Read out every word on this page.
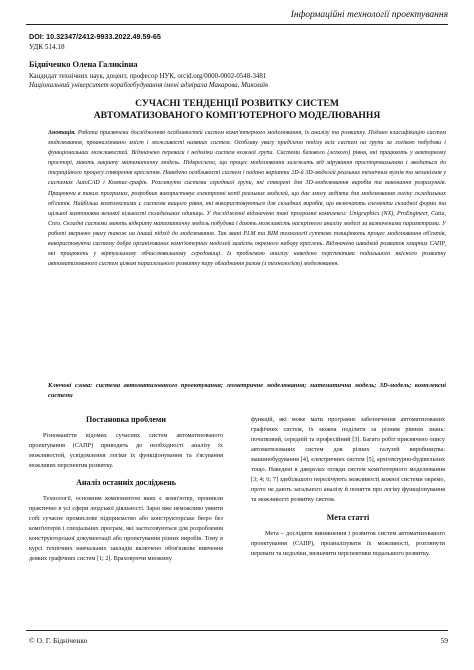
Інформаційні технології проектування
DOI: 10.32347/2412-9933.2022.49.59-65
УДК 514.18
Бідніченко Олена Галиківна
Кандидат технічних наук, доцент, професор НУК, orcid.org/0000-0002-0548-3481
Національний університет кораблебудування імені адмірала Макарова, Миколаїв
СУЧАСНІ ТЕНДЕНЦІЇ РОЗВИТКУ СИСТЕМ
АВТОМАТИЗОВАНОГО КОМП'ЮТЕРНОГО МОДЕЛЮВАННЯ

Анотація. Робота присвячена дослідженню особливостей систем комп'ютерного моделювання, їх аналізу та розвитку. Подано класифікацію систем моделювання, проаналізовано зміст і можливості наявних систем. Особливу увагу приділено поділу всіх систем на групи за логікою побудови і функціональних можливостей. Відзначено переваги і недоліки систем кожної групи. Системи базового (легкого) рівня, які працюють у векторному просторі, мають закриту математичну модель. Підкреслено, що процес моделювання залежить від мірування просторовальника і зводиться до ітераційного процесу створення креслення. Наведено особливості систем і подано варіанти 2D-й 3D-моделей реальних технічних вузлів та механізмів у системах AutoCAD і Компас-графік. Розглянуто системи середньої групи, які створені для 3D-моделювання виробів та виконання розрахунків. Працюючи в таких програмах, розробник використовує електронні копії реальних моделей, що дає змогу задіяти для моделювання логіку складальних об'єктів. Найбільш комплексними є системи вищого рівня, які використовуються для складних виробів, що включають елементи складної форми та щільної компоновки великої кількості складальних одиниць. У дослідженні відзначено такі програмні комплекси: Unigraphics (NX), ProEngineer, Catia, Creo. Складні системи мають відкриту математичну модель побудови і дають можливість наскрізного аналізу моделі за визначеними параметрами. У роботі звернено увагу також на інший підхід до моделювання. Так звані PLM та BIM технології суттєво позиціюють процес моделювання об'єктів, використовуючи систему добре організованих комп'ютерних моделей замість окремого набору креслень. Відзначено швидкий розвиток хмарних САПР, які працюють у віртуальному обчислювальному середовищі. Із проблемою аналізу наведено перспективи подальшого якісного розвитку автоматизованого систем цілком параллельного розвитку пару обладнання разом (з технологією) моделювання.

Ключові слова: система автоматизованого проектування; геометричне моделювання; математична модель; 3D-модель; комплексні системи

Постановка проблеми

Різноманіття відомих сучасних систем автоматизованого проектування (САПР) приводить до необхідності аналізу їх можливостей, усвідомлення логіки їх функціонування та з'ясування можливих перспектив розвитку.

Аналіз останніх досліджень

Технології, основним компонентом яких є комп'ютер, проникли практично в усі сфери людської діяльності. Зараз вже неможливо уявити собі сучасне промислове підприємство або конструкторське бюро без комп'ютерів і спеціальних програм, які застосовуються для розроблення конструкторської документації або проектування різних виробів. Тому в курсі технічних навчальних закладів включено обов'язкове вивчення деяких графічних систем [1; 2]. Враховуючи множину

функцій, які може мати програмне забезпечення автоматизованих графічних систем, їх можна поділити за різним рівнем знань: початковий, середній та професійний [3]. Багато робіт присвячено опису автоматизованих систем для різних галузей виробництва: машинобудування [4], електричних систем [5], архітектурно-будівельних тощо. Наведені в джерелах огляди систем комп'ютерного моделювання [3; 4; 6; 7] здебільшого перелічують можливості кожної системи окремо, проте не дають загального аналізу й поняття про логіку функціонування та можливості розвитку систем.

Мета статті

Мета – дослідити виникнення і розвиток систем автоматизованого проектування (САПР), проаналізувати їх можливості, розглянути переваги та недоліки, визначити перспективи подальшого розвитку.

© О. Г. Бідніченко	59
